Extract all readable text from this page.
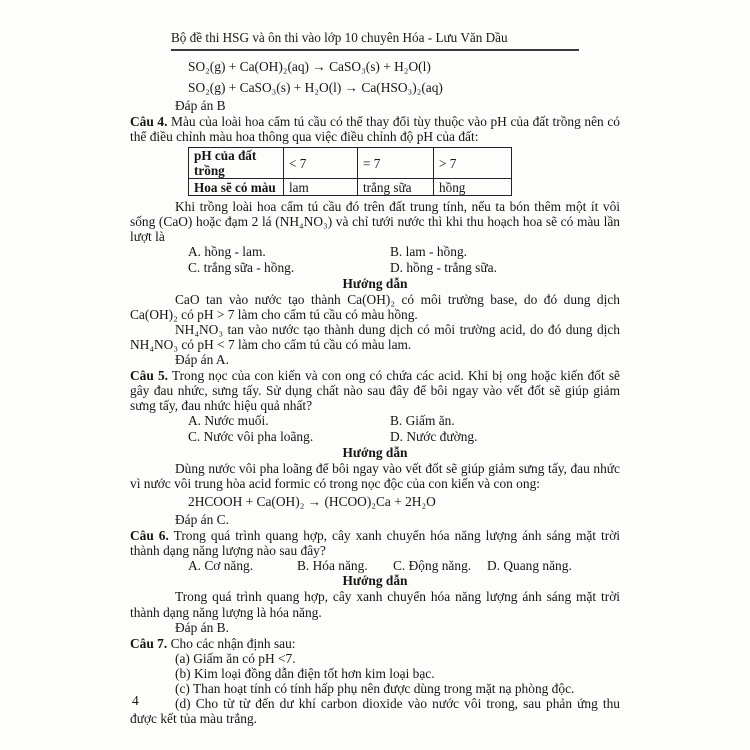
Bộ đề thi HSG và ôn thi vào lớp 10 chuyên Hóa - Lưu Văn Dầu

SO₂(g) + Ca(OH)₂(aq) → CaSO₃(s) + H₂O(l)

SO₂(g) + CaSO₃(s) + H₂O(l) → Ca(HSO₃)₂(aq)

Đáp án B

Câu 4. Màu của loài hoa cẩm tú cầu có thể thay đổi tùy thuộc vào pH của đất trồng nên có thể điều chỉnh màu hoa thông qua việc điều chỉnh độ pH của đất:

pH của đất trồng	< 7	= 7	> 7
Hoa sẽ có màu	lam	trắng sữa	hồng

Khi trồng loài hoa cẩm tú cầu đó trên đất trung tính, nếu ta bón thêm một ít vôi sống (CaO) hoặc đạm 2 lá (NH₄NO₃) và chỉ tưới nước thì khi thu hoạch hoa sẽ có màu lần lượt là

A. hồng - lam.	B. lam - hồng.
C. trắng sữa - hồng.	D. hồng - trắng sữa.

Hướng dẫn

CaO tan vào nước tạo thành Ca(OH)₂ có môi trường base, do đó dung dịch Ca(OH)₂ có pH > 7 làm cho cẩm tú cầu có màu hồng.

NH₄NO₃ tan vào nước tạo thành dung dịch có môi trường acid, do đó dung dịch NH₄NO₃ có pH < 7 làm cho cẩm tú cầu có màu lam.

Đáp án A.

Câu 5. Trong nọc của con kiến và con ong có chứa các acid. Khi bị ong hoặc kiến đốt sẽ gây đau nhức, sưng tấy. Sử dụng chất nào sau đây để bôi ngay vào vết đốt sẽ giúp giảm sưng tấy, đau nhức hiệu quả nhất?

A. Nước muối.	B. Giấm ăn.
C. Nước vôi pha loãng.	D. Nước đường.

Hướng dẫn

Dùng nước vôi pha loãng để bôi ngay vào vết đốt sẽ giúp giảm sưng tấy, đau nhức vì nước vôi trung hòa acid formic có trong nọc độc của con kiến và con ong:

2HCOOH + Ca(OH)₂ → (HCOO)₂Ca + 2H₂O

Đáp án C.

Câu 6. Trong quá trình quang hợp, cây xanh chuyển hóa năng lượng ánh sáng mặt trời thành dạng năng lượng nào sau đây?

A. Cơ năng.	B. Hóa năng.	C. Động năng.	D. Quang năng.

Hướng dẫn

Trong quá trình quang hợp, cây xanh chuyển hóa năng lượng ánh sáng mặt trời thành dạng năng lượng là hóa năng.

Đáp án B.

Câu 7. Cho các nhận định sau:

(a) Giấm ăn có pH <7.

(b) Kim loại đồng dẫn điện tốt hơn kim loại bạc.

(c) Than hoạt tính có tính hấp phụ nên được dùng trong mặt nạ phòng độc.

(d) Cho từ từ đến dư khí carbon dioxide vào nước vôi trong, sau phản ứng thu được kết tủa màu trắng.

4
